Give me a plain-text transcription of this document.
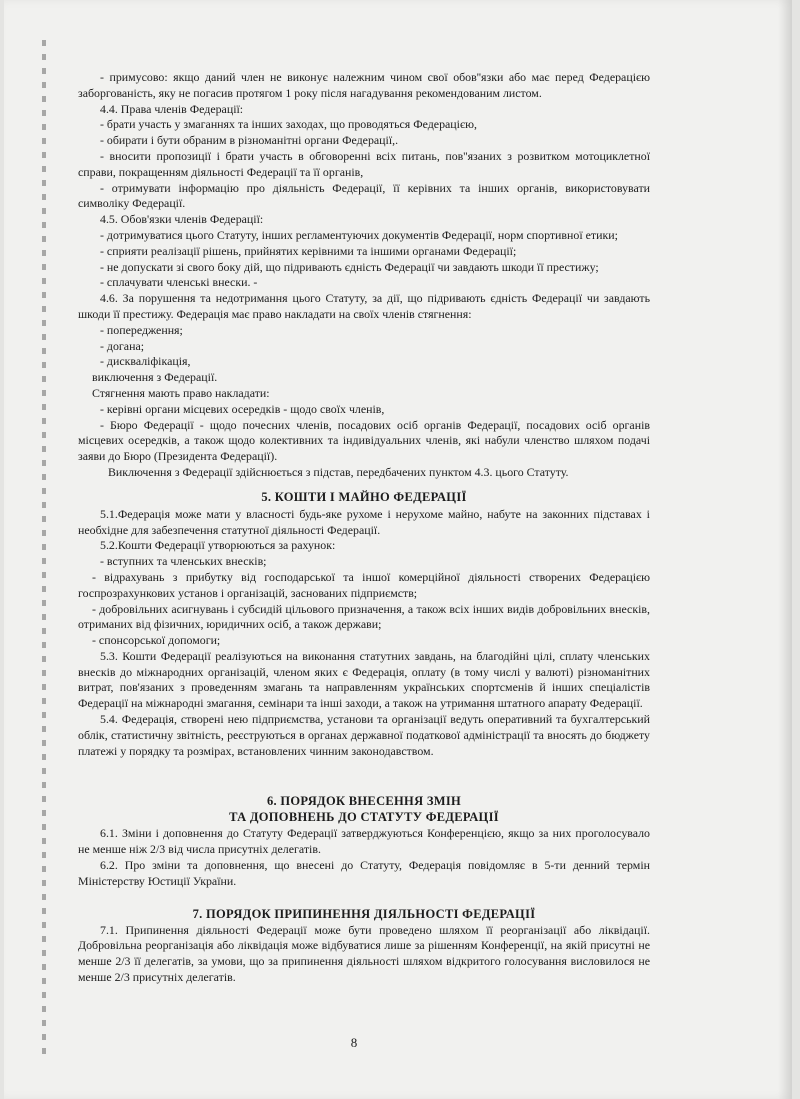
- примусово: якщо даний член не виконує належним чином свої обов''язки або має перед Федерацією заборгованість, яку не погасив протягом 1 року після нагадування рекомендованим листом.

4.4. Права членів Федерації:

- брати участь у змаганнях та інших заходах, що проводяться Федерацією,

- обирати і бути обраним в різноманітні органи Федерації,.

- вносити пропозиції і брати участь в обговоренні всіх питань, пов''язаних з розвитком мотоциклетної справи, покращенням діяльності Федерації та її органів,

- отримувати інформацію про діяльність Федерації, її керівних та інших органів, використовувати символіку Федерації.

4.5. Обов'язки членів Федерації:

- дотримуватися цього Статуту, інших регламентуючих документів Федерації, норм спортивної етики;

- сприяти реалізації рішень, прийнятих керівними та іншими органами Федерації;

- не допускати зі свого боку дій, що підривають єдність Федерації чи завдають шкоди її престижу;

- сплачувати членські внески. -

4.6. За порушення та недотримання цього Статуту, за дії, що підривають єдність Федерації чи завдають шкоди її престижу. Федерація має право накладати на своїх членів стягнення:

- попередження;

- догана;

- дискваліфікація,

виключення з Федерації.

Стягнення мають право накладати:

- керівні органи місцевих осередків - щодо своїх членів,

- Бюро Федерації - щодо почесних членів, посадових осіб органів Федерації, посадових осіб органів місцевих осередків, а також щодо колективних та індивідуальних членів, які набули членство шляхом подачі заяви до Бюро (Президента Федерації).

Виключення з Федерації здійснюється з підстав, передбачених пунктом 4.3. цього Статуту.

5. КОШТИ І МАЙНО ФЕДЕРАЦІЇ

5.1.Федерація може мати у власності будь-яке рухоме і нерухоме майно, набуте на законних підставах і необхідне для забезпечення статутної діяльності Федерації.

5.2.Кошти Федерації утворюються за рахунок:

- вступних та членських внесків;

- відрахувань з прибутку від господарської та іншої комерційної діяльності створених Федерацією госпрозрахункових установ і організацій, заснованих підприємств;

- добровільних асигнувань і субсидій цільового призначення, а також всіх інших видів добровільних внесків, отриманих від фізичних, юридичних осіб, а також держави;

- спонсорської допомоги;

5.3. Кошти Федерації реалізуються на виконання статутних завдань, на благодійні цілі, сплату членських внесків до міжнародних організацій, членом яких є Федерація, оплату (в тому числі у валюті) різноманітних витрат, пов'язаних з проведенням змагань та направленням українських спортсменів й інших спеціалістів Федерації на міжнародні змагання, семінари та інші заходи, а також на утримання штатного апарату Федерації.

5.4. Федерація, створені нею підприємства, установи та організації ведуть оперативний та бухгалтерський облік, статистичну звітність, реєструються в органах державної податкової адміністрації та вносять до бюджету платежі у порядку та розмірах, встановлених чинним законодавством.

6. ПОРЯДОК ВНЕСЕННЯ ЗМІН
ТА ДОПОВНЕНЬ ДО СТАТУТУ ФЕДЕРАЦІЇ

6.1. Зміни і доповнення до Статуту Федерації затверджуються Конференцією, якщо за них проголосувало не менше ніж 2/3 від числа присутніх делегатів.

6.2. Про зміни та доповнення, що внесені до Статуту, Федерація повідомляє в 5-ти денний термін Міністерству Юстиції України.

7. ПОРЯДОК ПРИПИНЕННЯ ДІЯЛЬНОСТІ ФЕДЕРАЦІЇ

7.1. Припинення діяльності Федерації може бути проведено шляхом її реорганізації або ліквідації. Добровільна реорганізація або ліквідація може відбуватися лише за рішенням Конференції, на якій присутні не менше 2/3 її делегатів, за умови, що за припинення діяльності шляхом відкритого голосування висловилося не менше 2/3 присутніх делегатів.

8
